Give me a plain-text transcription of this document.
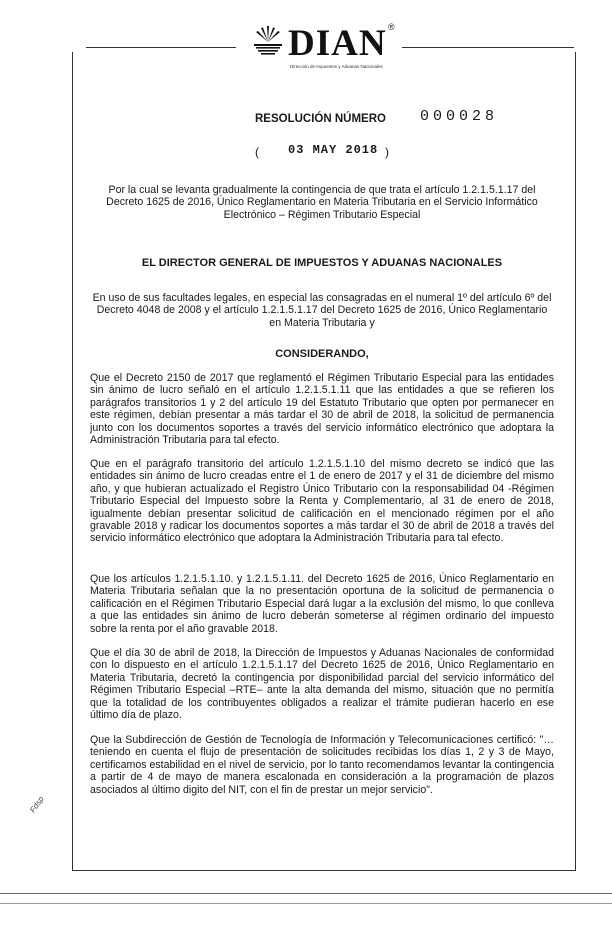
DIAN ®
Dirección de Impuestos y Aduanas Nacionales
RESOLUCIÓN NÚMERO 000028
( 03 MAY 2018 )

Por la cual se levanta gradualmente la contingencia de que trata el artículo 1.2.1.5.1.17 del Decreto 1625 de 2016, Único Reglamentario en Materia Tributaria en el Servicio Informático Electrónico – Régimen Tributario Especial

EL DIRECTOR GENERAL DE IMPUESTOS Y ADUANAS NACIONALES

En uso de sus facultades legales, en especial las consagradas en el numeral 1º del artículo 6º del Decreto 4048 de 2008 y el artículo 1.2.1.5.1.17 del Decreto 1625 de 2016, Único Reglamentario en Materia Tributaria y

CONSIDERANDO,

Que el Decreto 2150 de 2017 que reglamentó el Régimen Tributario Especial para las entidades sin ánimo de lucro señaló en el artículo 1.2.1.5.1.11 que las entidades a que se refieren los parágrafos transitorios 1 y 2 del artículo 19 del Estatuto Tributario que opten por permanecer en este régimen, debían presentar a más tardar el 30 de abril de 2018, la solicitud de permanencia junto con los documentos soportes a través del servicio informático electrónico que adoptara la Administración Tributaria para tal efecto.

Que en el parágrafo transitorio del artículo 1.2.1.5.1.10 del mismo decreto se indicó que las entidades sin ánimo de lucro creadas entre el 1 de enero de 2017 y el 31 de diciembre del mismo año, y que hubieran actualizado el Registro Único Tributario con la responsabilidad 04 -Régimen Tributario Especial del Impuesto sobre la Renta y Complementario, al 31 de enero de 2018, igualmente debían presentar solicitud de calificación en el mencionado régimen por el año gravable 2018 y radicar los documentos soportes a más tardar el 30 de abril de 2018 a través del servicio informático electrónico que adoptara la Administración Tributaria para tal efecto.

Que los artículos 1.2.1.5.1.10. y 1.2.1.5.1.11. del Decreto 1625 de 2016, Único Reglamentario en Materia Tributaria señalan que la no presentación oportuna de la solicitud de permanencia o calificación en el Régimen Tributario Especial dará lugar a la exclusión del mismo, lo que conlleva a que las entidades sin ánimo de lucro deberán someterse al régimen ordinario del impuesto sobre la renta por el año gravable 2018.

Que el día 30 de abril de 2018, la Dirección de Impuestos y Aduanas Nacionales de conformidad con lo dispuesto en el artículo 1.2.1.5.1.17 del Decreto 1625 de 2016, Único Reglamentario en Materia Tributaria, decretó la contingencia por disponibilidad parcial del servicio informático del Régimen Tributario Especial –RTE– ante la alta demanda del mismo, situación que no permitía que la totalidad de los contribuyentes obligados a realizar el trámite pudieran hacerlo en ese último día de plazo.

Que la Subdirección de Gestión de Tecnología de Información y Telecomunicaciones certificó: "… teniendo en cuenta el flujo de presentación de solicitudes recibidas los días 1, 2 y 3 de Mayo, certificamos estabilidad en el nivel de servicio, por lo tanto recomendamos levantar la contingencia a partir de 4 de mayo de manera escalonada en consideración a la programación de plazos asociados al último digito del NIT, con el fin de prestar un mejor servicio".

Fdsp
